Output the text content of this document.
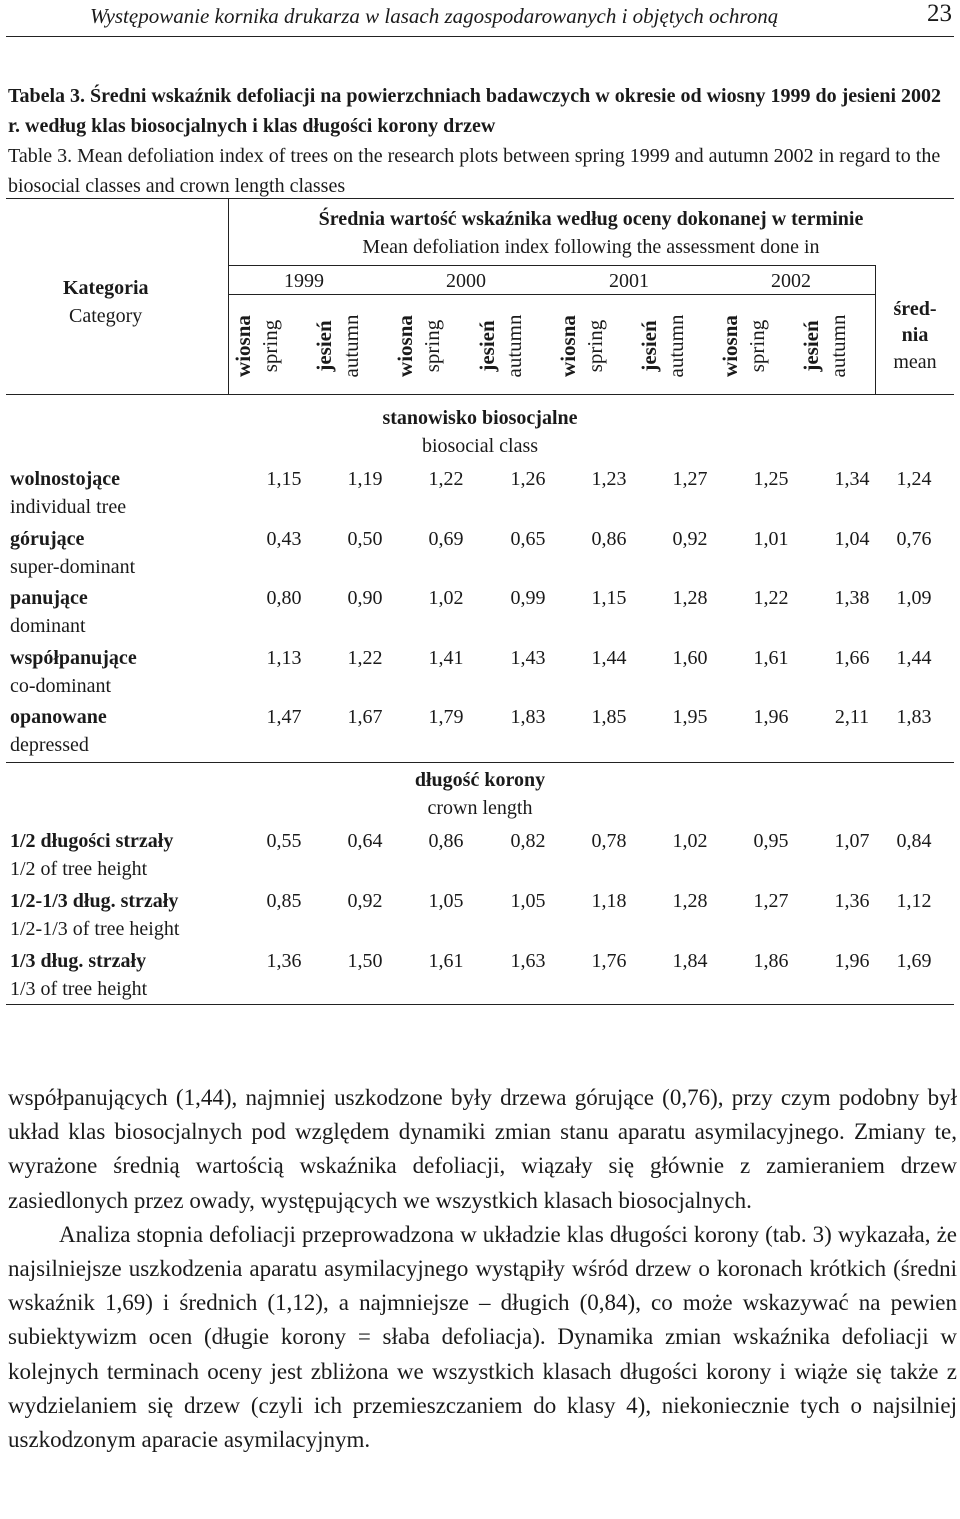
Występowanie kornika drukarza w lasach zagospodarowanych i objętych ochroną	23
Tabela 3. Średni wskaźnik defoliacji na powierzchniach badawczych w okresie od wiosny 1999 do jesieni 2002 r. według klas biosocjalnych i klas długości korony drzew
Table 3. Mean defoliation index of trees on the research plots between spring 1999 and autumn 2002 in regard to the biosocial classes and crown length classes
Kategoria
Category
Średnia wartość wskaźnika według oceny dokonanej w terminie
Mean defoliation index following the assessment done in
1999	2000	2001	2002
wiosna spring jesień autumn wiosna spring jesień autumn wiosna spring jesień autumn wiosna spring jesień autumn
śred-
nia
mean
stanowisko biosocjalne
biosocial class
wolnostojące
individual tree
1,15	1,19	1,22	1,26	1,23	1,27	1,25	1,34	1,24
górujące
super-dominant
0,43	0,50	0,69	0,65	0,86	0,92	1,01	1,04	0,76
panujące
dominant
0,80	0,90	1,02	0,99	1,15	1,28	1,22	1,38	1,09
współpanujące
co-dominant
1,13	1,22	1,41	1,43	1,44	1,60	1,61	1,66	1,44
opanowane
depressed
1,47	1,67	1,79	1,83	1,85	1,95	1,96	2,11	1,83
długość korony
crown length
1/2 długości strzały
1/2 of tree height
0,55	0,64	0,86	0,82	0,78	1,02	0,95	1,07	0,84
1/2-1/3 dług. strzały
1/2-1/3 of tree height
0,85	0,92	1,05	1,05	1,18	1,28	1,27	1,36	1,12
1/3 dług. strzały
1/3 of tree height
1,36	1,50	1,61	1,63	1,76	1,84	1,86	1,96	1,69

współpanujących (1,44), najmniej uszkodzone były drzewa górujące (0,76), przy czym podobny był układ klas biosocjalnych pod względem dynamiki zmian stanu aparatu asymilacyjnego. Zmiany te, wyrażone średnią wartością wskaźnika defoliacji, wiązały się głównie z zamieraniem drzew zasiedlonych przez owady, występujących we wszystkich klasach biosocjalnych.

Analiza stopnia defoliacji przeprowadzona w układzie klas długości korony (tab. 3) wykazała, że najsilniejsze uszkodzenia aparatu asymilacyjnego wystąpiły wśród drzew o koronach krótkich (średni wskaźnik 1,69) i średnich (1,12), a najmniejsze – długich (0,84), co może wskazywać na pewien subiektywizm ocen (długie korony = słaba defoliacja). Dynamika zmian wskaźnika defoliacji w kolejnych terminach oceny jest zbliżona we wszystkich klasach długości korony i wiąże się także z wydzielaniem się drzew (czyli ich przemieszczaniem do klasy 4), niekoniecznie tych o najsilniej uszkodzonym aparacie asymilacyjnym.
